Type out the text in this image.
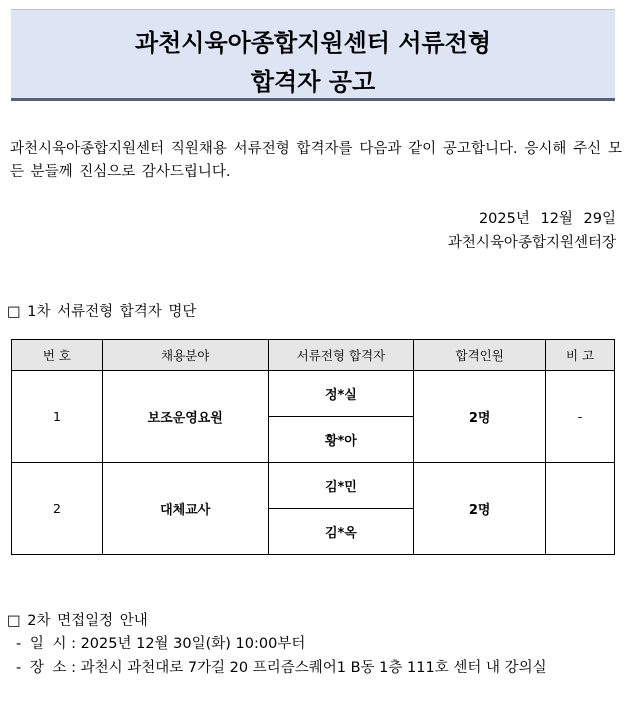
과천시육아종합지원센터 서류전형
합격자 공고
과천시육아종합지원센터 직원채용 서류전형 합격자를 다음과 같이 공고합니다. 응시해 주신 모든 분들께 진심으로 감사드립니다.
2025년 12월 29일
과천시육아종합지원센터장
□ 1차 서류전형 합격자 명단
번 호	채용분야	서류전형 합격자	합격인원	비 고
1	보조운영요원	정*실	2명	-
		황*아		
2	대체교사	김*민	2명	
		김*옥		
□ 2차 면접일정 안내
- 일 시 : 2025년 12월 30일(화) 10:00부터
- 장 소 : 과천시 과천대로 7가길 20 프리즘스퀘어1 B동 1층 111호 센터 내 강의실
